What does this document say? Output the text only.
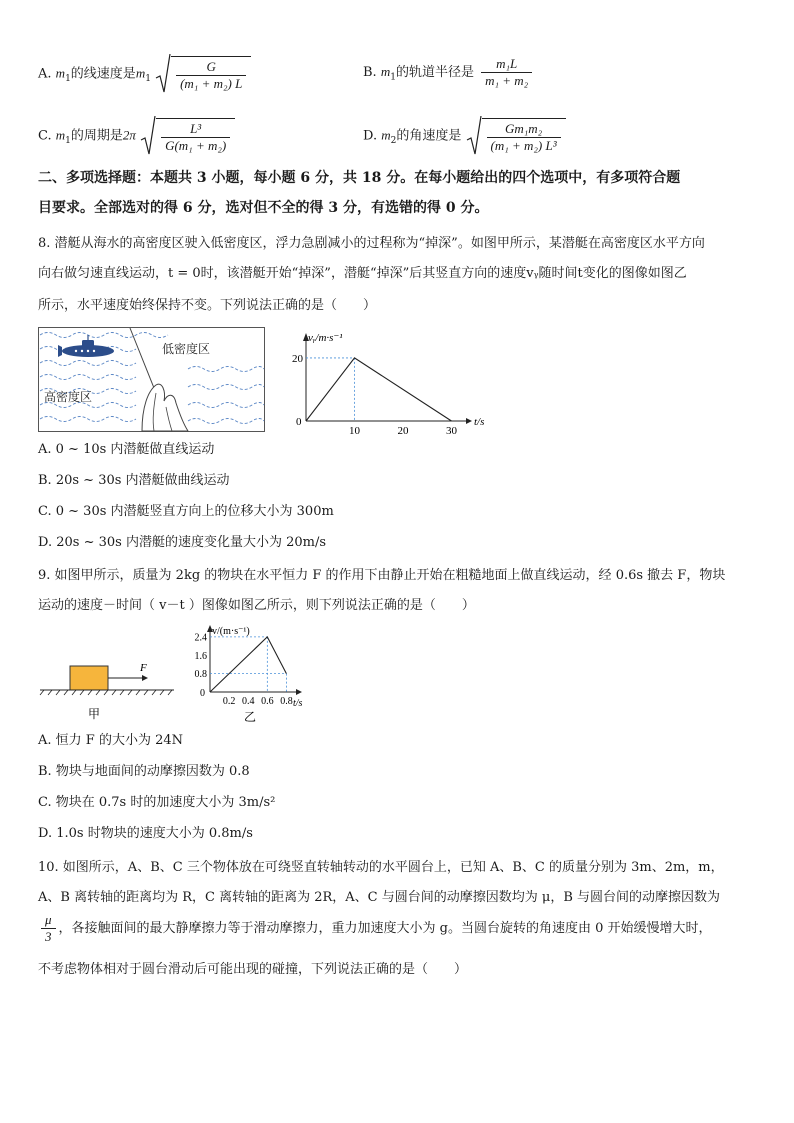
A. $m_1$的线速度是$m_1 \frac{G}{\text{(m₁ + m₂) L}}$	B. $m_1$的轨道半径是 $\frac{\text{m₁L}}{\text{m₁ + m₂}}$
C. $m_1$的周期是$2\pi \frac{\text{L³}}{\text{G(m₁ + m₂)}}$	D. $m_2$的角速度是 $\frac{\text{Gm₁m₂}}{\text{(m₁ + m₂) L³}}$
二、多项选择题：本题共 3 小题，每小题 6 分，共 18 分。在每小题给出的四个选项中，有多项符合题
目要求。全部选对的得 6 分，选对但不全的得 3 分，有选错的得 0 分。
8. 潜艇从海水的高密度区驶入低密度区，浮力急剧减小的过程称为“掉深”。如图甲所示，某潜艇在高密度区水平方向
向右做匀速直线运动，t = 0时，该潜艇开始“掉深”，潜艇“掉深”后其竖直方向的速度vᵧ随时间t变化的图像如图乙
所示，水平速度始终保持不变。下列说法正确的是（　　）
低密度区
高密度区
vᵧ/m·s⁻¹
t/s
0
10	20	30
20
A. 0 ~ 10s 内潜艇做直线运动
B. 20s ~ 30s 内潜艇做曲线运动
C. 0 ~ 30s 内潜艇竖直方向上的位移大小为 300m
D. 20s ~ 30s 内潜艇的速度变化量大小为 20m/s
9. 如图甲所示，质量为 2kg 的物块在水平恒力 F 的作用下由静止开始在粗糙地面上做直线运动，经 0.6s 撤去 F，物块
运动的速度－时间（ v－t ）图像如图乙所示，则下列说法正确的是（　　）
F
甲
v/(m·s⁻¹)
t/s
0
0.2 0.4 0.6 0.8
0.8
1.6
2.4
乙
A. 恒力 F 的大小为 24N
B. 物块与地面间的动摩擦因数为 0.8
C. 物块在 0.7s 时的加速度大小为 3m/s²
D. 1.0s 时物块的速度大小为 0.8m/s
10. 如图所示，A、B、C 三个物体放在可绕竖直转轴转动的水平圆台上，已知 A、B、C 的质量分别为 3m、2m，m，
A、B 离转轴的距离均为 R，C 离转轴的距离为 2R，A、C 与圆台间的动摩擦因数均为 μ，B 与圆台间的动摩擦因数为
$\frac{\mu}{3}$ ，各接触面间的最大静摩擦力等于滑动摩擦力，重力加速度大小为 g。当圆台旋转的角速度由 0 开始缓慢增大时，
不考虑物体相对于圆台滑动后可能出现的碰撞，下列说法正确的是（　　）
